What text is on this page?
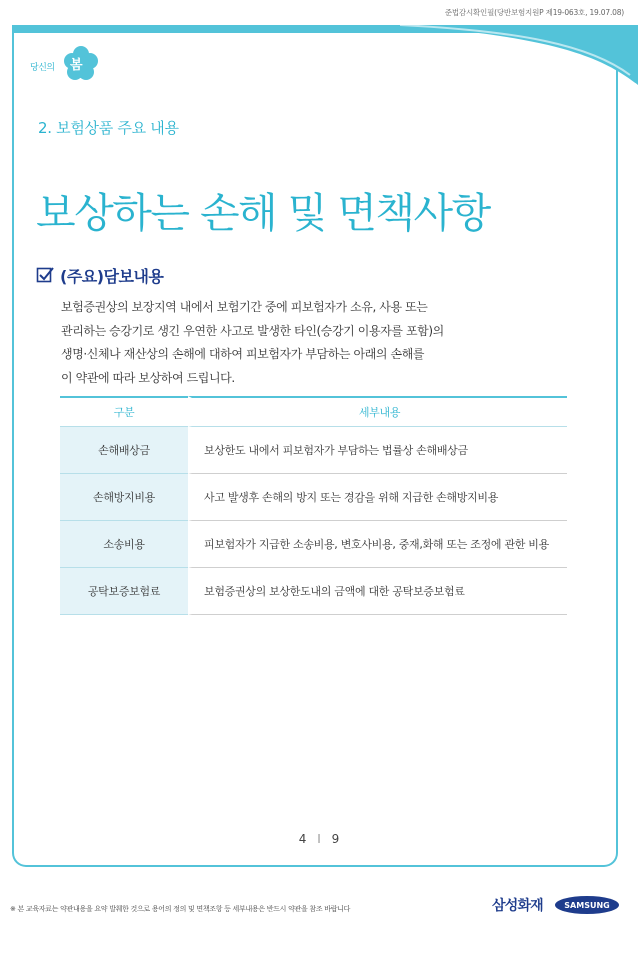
준법감시확인필(당반보험지원P 제19-063호, 19.07.08)
당신의 봄
2. 보험상품 주요 내용
보상하는 손해 및 면책사항
(주요)담보내용
보험증권상의 보장지역 내에서 보험기간 중에 피보험자가 소유, 사용 또는
관리하는 승강기로 생긴 우연한 사고로 발생한 타인(승강기 이용자를 포함)의
생명·신체나 재산상의 손해에 대하여 피보험자가 부담하는 아래의 손해를
이 약관에 따라 보상하여 드립니다.
구분	세부내용
손해배상금	보상한도 내에서 피보험자가 부담하는 법률상 손해배상금
손해방지비용	사고 발생후 손해의 방지 또는 경감을 위해 지급한 손해방지비용
소송비용	피보험자가 지급한 소송비용, 변호사비용, 중재,화해 또는 조정에 관한 비용
공탁보증보험료	보험증권상의 보상한도내의 금액에 대한 공탁보증보험료
4 I 9
※ 본 교육자료는 약관내용을 요약 발췌한 것으로 용어의 정의 및 면책조항 등 세부내용은 반드시 약관을 참조 바랍니다	삼성화재	SAMSUNG
